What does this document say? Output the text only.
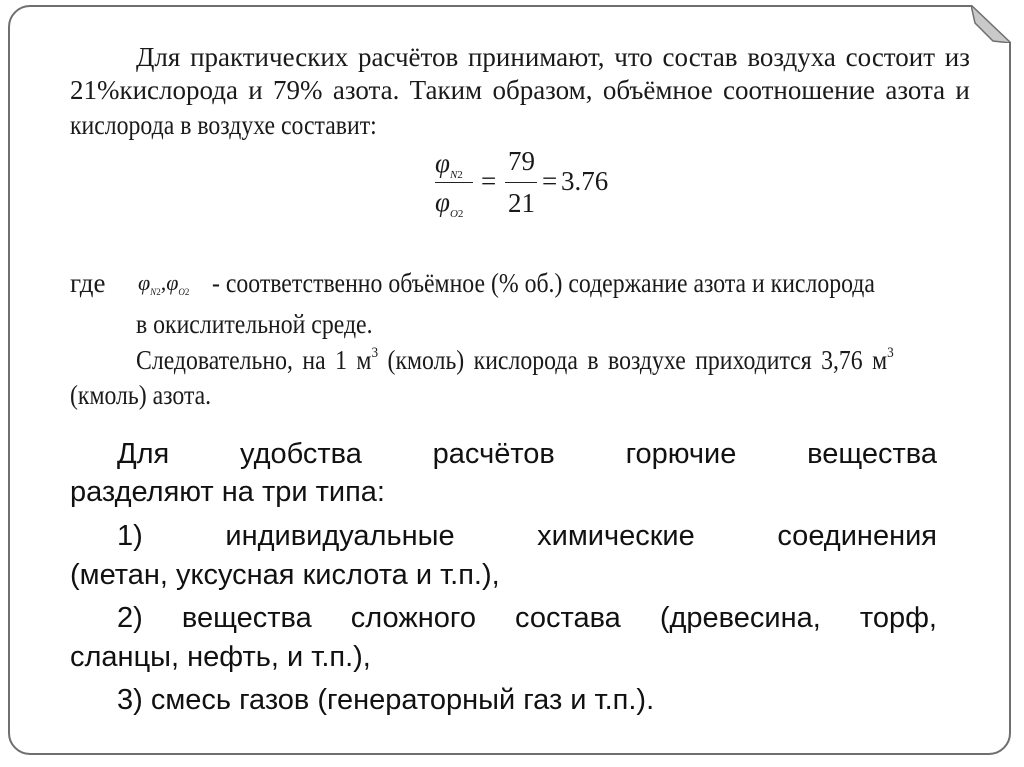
Для практических расчётов принимают, что состав воздуха состоит из
21%кислорода и 79% азота. Таким образом, объёмное соотношение азота и
кислорода в воздухе составит:
$\varphi_{N2}$
$\varphi_{O2}$
=
79
21
= 3.76
где $\varphi_{N2},\varphi_{O2}$ - соответственно объёмное (% об.) содержание азота и кислорода
в окислительной среде.
Следовательно, на 1 $м^3$ (кмоль) кислорода в воздухе приходится 3,76 $м^3$
(кмоль) азота.
Для удобства расчётов горючие вещества
разделяют на три типа:
1)	индивидуальные	химические	соединения
(метан, уксусная кислота и т.п.),
2) вещества сложного состава (древесина, торф,
сланцы, нефть, и т.п.),
3) смесь газов (генераторный газ и т.п.).
